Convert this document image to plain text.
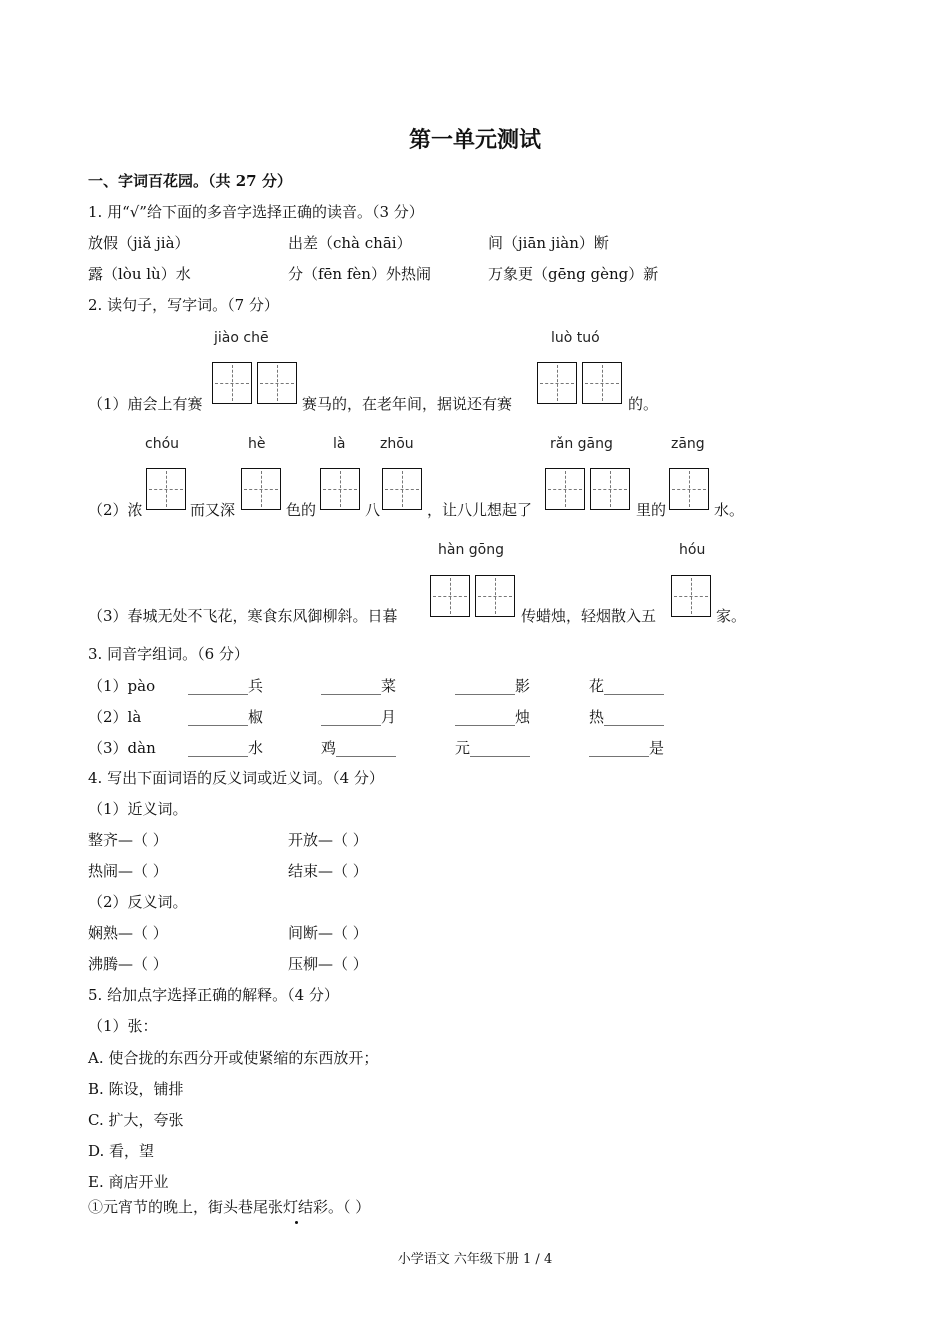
第一单元测试
一、字词百花园。（共 27 分）
1. 用“√”给下面的多音字选择正确的读音。（3 分）
放假（jiǎ jià）	出差（chà chāi）	间（jiān jiàn）断
露（lòu lù）水	分（fēn fèn）外热闹	万象更（gēng gèng）新
2. 读句子，写字词。（7 分）
jiào chē	luò tuó
（1）庙会上有赛	赛马的，在老年间，据说还有赛	的。
chóu	hè	là zhōu	rǎn gāng	zāng
（2）浓	而又深	色的	八	，让八儿想起了	里的	水。
hàn gōng	hóu
（3）春城无处不飞花，寒食东风御柳斜。日暮	传蜡烛，轻烟散入五	家。
3. 同音字组词。（6 分）
（1）pào ________兵	________菜	________影	花________
（2）là	________椒	________月	________烛	热________
（3）dàn ________水	鸡________	元________	________是
4. 写出下面词语的反义词或近义词。（4 分）
（1）近义词。
整齐—（ ）	开放—（ ）
热闹—（ ）	结束—（ ）
（2）反义词。
娴熟—（ ）	间断—（ ）
沸腾—（ ）	压柳—（ ）
5. 给加点字选择正确的解释。（4 分）
（1）张：
A. 使合拢的东西分开或使紧缩的东西放开；
B. 陈设，铺排
C. 扩大，夸张
D. 看，望
E. 商店开业
①元宵节的晚上，街头巷尾张灯结彩。（ ）
小学语文 六年级下册 1 / 4
